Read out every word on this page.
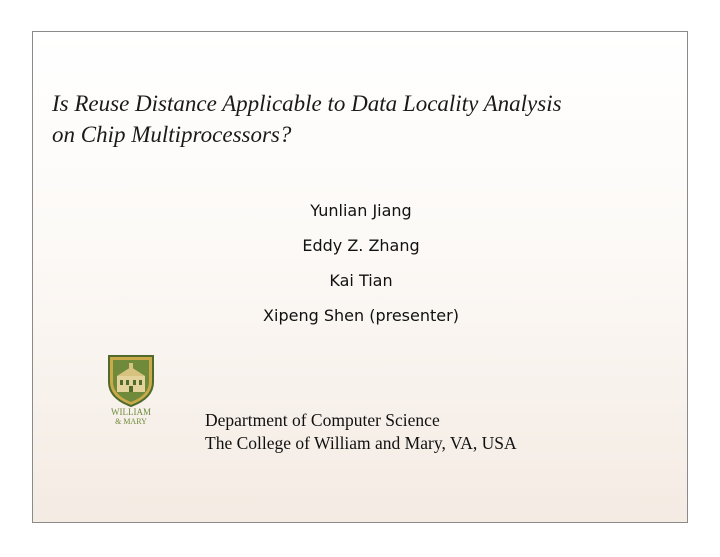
Is Reuse Distance Applicable to Data Locality Analysis
on Chip Multiprocessors?
Yunlian Jiang
Eddy Z. Zhang
Kai Tian
Xipeng Shen (presenter)
WILLIAM
& MARY	Department of Computer Science
The College of William and Mary, VA, USA
